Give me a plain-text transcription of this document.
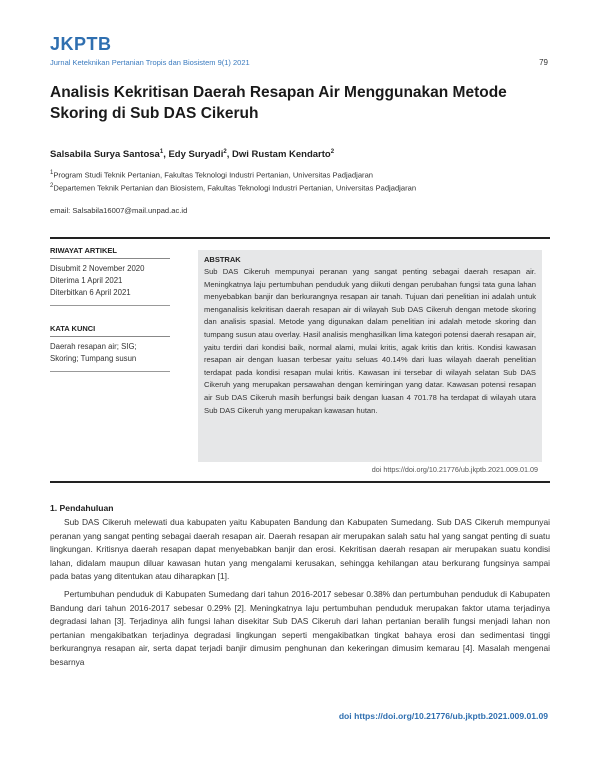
JKPTB
Jurnal Keteknikan Pertanian Tropis dan Biosistem 9(1) 2021	79
Analisis Kekritisan Daerah Resapan Air Menggunakan Metode Skoring di Sub DAS Cikeruh
Salsabila Surya Santosa$^1$, Edy Suryadi$^2$, Dwi Rustam Kendarto$^2$
$^1$Program Studi Teknik Pertanian, Fakultas Teknologi Industri Pertanian, Universitas Padjadjaran
$^2$Departemen Teknik Pertanian dan Biosistem, Fakultas Teknologi Industri Pertanian, Universitas Padjadjaran
email: Salsabila16007@mail.unpad.ac.id
RIWAYAT ARTIKEL
Disubmit 2 November 2020
Diterima 1 April 2021
Diterbitkan 6 April 2021
KATA KUNCI
Daerah resapan air; SIG;
Skoring; Tumpang susun
ABSTRAK
Sub DAS Cikeruh mempunyai peranan yang sangat penting sebagai daerah resapan air. Meningkatnya laju pertumbuhan penduduk yang diikuti dengan perubahan fungsi tata guna lahan menyebabkan banjir dan berkurangnya resapan air tanah. Tujuan dari penelitian ini adalah untuk menganalisis kekritisan daerah resapan air di wilayah Sub DAS Cikeruh dengan metode skoring dan analisis spasial. Metode yang digunakan dalam penelitian ini adalah metode skoring dan tumpang susun atau overlay. Hasil analisis menghasilkan lima kategori potensi daerah resapan air, yaitu terdiri dari kondisi baik, normal alami, mulai kritis, agak kritis dan kritis. Kondisi kawasan resapan air dengan luasan terbesar yaitu seluas 40.14% dari luas wilayah daerah penelitian terdapat pada kondisi resapan mulai kritis. Kawasan ini tersebar di wilayah selatan Sub DAS Cikeruh yang merupakan persawahan dengan kemiringan yang datar. Kawasan potensi resapan air Sub DAS Cikeruh masih berfungsi baik dengan luasan 4 701.78 ha terdapat di wilayah utara Sub DAS Cikeruh yang merupakan kawasan hutan.
doi https://doi.org/10.21776/ub.jkptb.2021.009.01.09
1. Pendahuluan

Sub DAS Cikeruh melewati dua kabupaten yaitu Kabupaten Bandung dan Kabupaten Sumedang. Sub DAS Cikeruh mempunyai peranan yang sangat penting sebagai daerah resapan air. Daerah resapan air merupakan salah satu hal yang sangat penting di suatu lingkungan. Kritisnya daerah resapan dapat menyebabkan banjir dan erosi. Kekritisan daerah resapan air merupakan suatu kondisi lahan, didalam maupun diluar kawasan hutan yang mengalami kerusakan, sehingga kehilangan atau berkurang fungsinya sampai pada batas yang ditentukan atau diharapkan [1].

Pertumbuhan penduduk di Kabupaten Sumedang dari tahun 2016-2017 sebesar 0.38% dan pertumbuhan penduduk di Kabupaten Bandung dari tahun 2016-2017 sebesar 0.29% [2]. Meningkatnya laju pertumbuhan penduduk merupakan faktor utama terjadinya degradasi lahan [3]. Terjadinya alih fungsi lahan disekitar Sub DAS Cikeruh dari lahan pertanian beralih fungsi menjadi lahan non pertanian mengakibatkan terjadinya degradasi lingkungan seperti mengakibatkan tingkat bahaya erosi dan sedimentasi tinggi berkurangnya resapan air, serta dapat terjadi banjir dimusim penghunan dan kekeringan dimusim kemarau [4]. Masalah mengenai besarnya

doi https://doi.org/10.21776/ub.jkptb.2021.009.01.09
